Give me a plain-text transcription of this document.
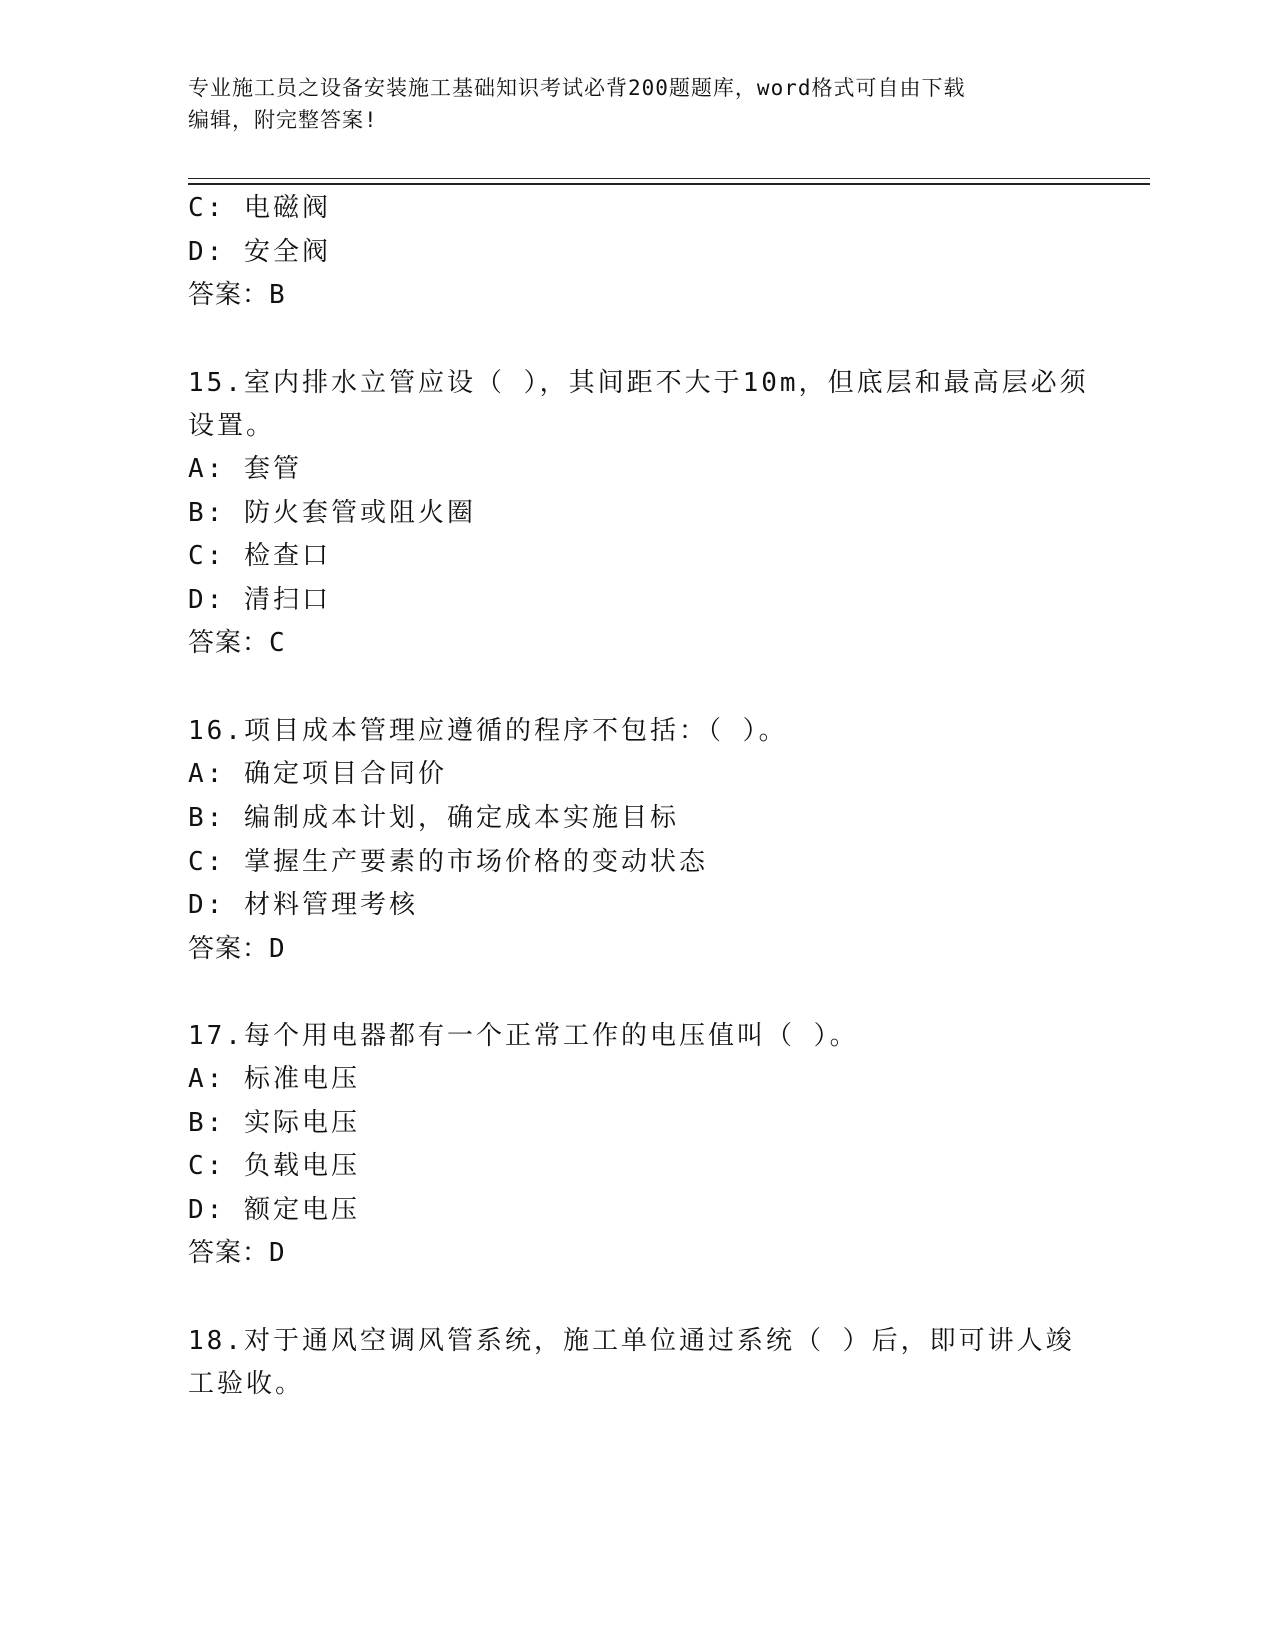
专业施工员之设备安装施工基础知识考试必背200题题库，word格式可自由下载
编辑，附完整答案!
C: 电磁阀
D: 安全阀
答案：B
15.室内排水立管应设（ ），其间距不大于10m，但底层和最高层必须
设置。
A: 套管
B: 防火套管或阻火圈
C: 检查口
D: 清扫口
答案：C
16.项目成本管理应遵循的程序不包括：（ ）。
A: 确定项目合同价
B: 编制成本计划，确定成本实施目标
C: 掌握生产要素的市场价格的变动状态
D: 材料管理考核
答案：D
17.每个用电器都有一个正常工作的电压值叫（ ）。
A: 标准电压
B: 实际电压
C: 负载电压
D: 额定电压
答案：D
18.对于通风空调风管系统，施工单位通过系统（ ）后，即可讲人竣
工验收。
